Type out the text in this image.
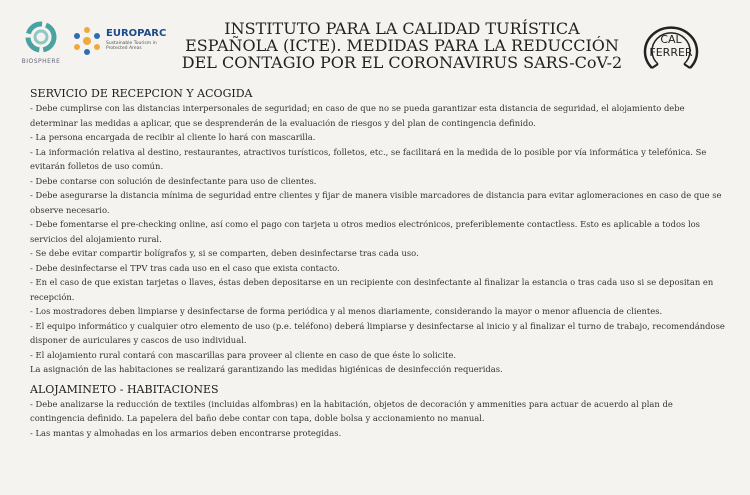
BIOSPHERE
EUROPARC
Sustainable Tourism in Protected Areas
INSTITUTO PARA LA CALIDAD TURÍSTICA ESPAÑOLA (ICTE). MEDIDAS PARA LA REDUCCIÓN DEL CONTAGIO POR EL CORONAVIRUS SARS-CoV-2
CAL
FERRER
SERVICIO DE RECEPCION Y ACOGIDA

- Debe cumplirse con las distancias interpersonales de seguridad; en caso de que no se pueda garantizar esta distancia de seguridad, el alojamiento debe determinar las medidas a aplicar, que se desprenderán de la evaluación de riesgos y del plan de contingencia definido.

- La persona encargada de recibir al cliente lo hará con mascarilla.

- La información relativa al destino, restaurantes, atractivos turísticos, folletos, etc., se facilitará en la medida de lo posible por vía informática y telefónica. Se evitarán folletos de uso común.

- Debe contarse con solución de desinfectante para uso de clientes.

- Debe asegurarse la distancia mínima de seguridad entre clientes y fijar de manera visible marcadores de distancia para evitar aglomeraciones en caso de que se observe necesario.

- Debe fomentarse el pre-checking online, así como el pago con tarjeta u otros medios electrónicos, preferiblemente contactless. Esto es aplicable a todos los servicios del alojamiento rural.

- Se debe evitar compartir bolígrafos y, si se comparten, deben desinfectarse tras cada uso.

- Debe desinfectarse el TPV tras cada uso en el caso que exista contacto.

- En el caso de que existan tarjetas o llaves, éstas deben depositarse en un recipiente con desinfectante al finalizar la estancia o tras cada uso si se depositan en recepción.

- Los mostradores deben limpiarse y desinfectarse de forma periódica y al menos diariamente, considerando la mayor o menor afluencia de clientes.

- El equipo informático y cualquier otro elemento de uso (p.e. teléfono) deberá limpiarse y desinfectarse al inicio y al finalizar el turno de trabajo, recomendándose disponer de auriculares y cascos de uso individual.

- El alojamiento rural contará con mascarillas para proveer al cliente en caso de que éste lo solicite.

La asignación de las habitaciones se realizará garantizando las medidas higiénicas de desinfección requeridas.

ALOJAMINETO - HABITACIONES

- Debe analizarse la reducción de textiles (incluidas alfombras) en la habitación, objetos de decoración y ammenities para actuar de acuerdo al plan de contingencia definido. La papelera del baño debe contar con tapa, doble bolsa y accionamiento no manual.

- Las mantas y almohadas en los armarios deben encontrarse protegidas.
